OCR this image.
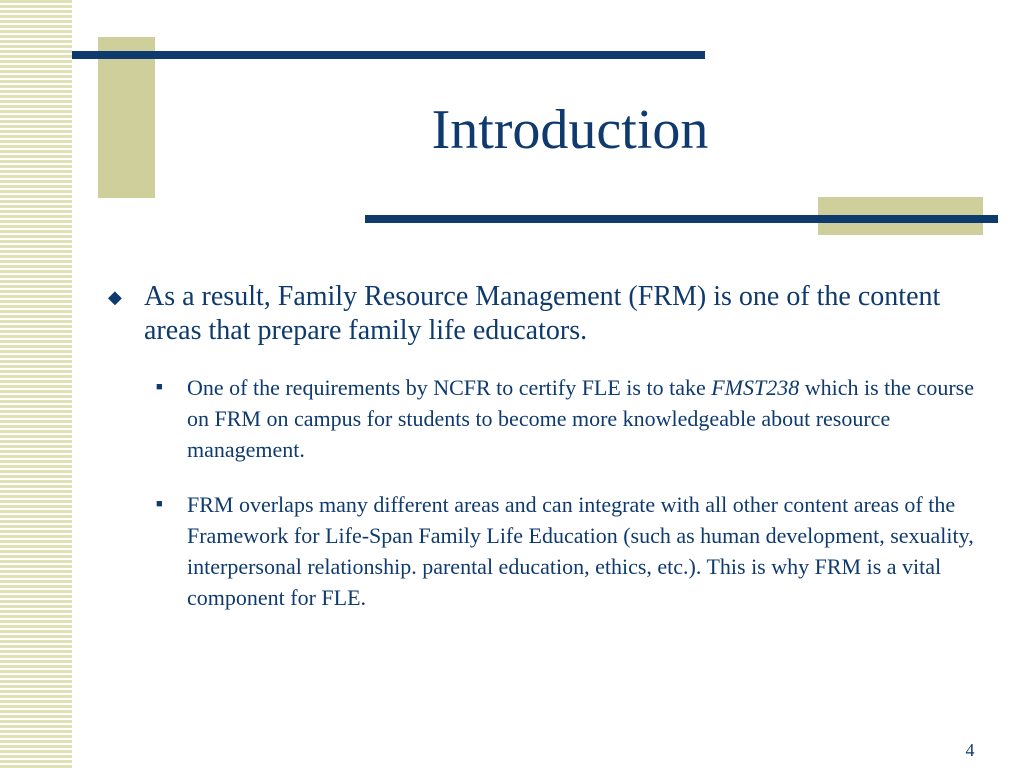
Introduction
◆ As a result, Family Resource Management (FRM) is one of the content areas that prepare family life educators.
■ One of the requirements by NCFR to certify FLE is to take FMST238 which is the course on FRM on campus for students to become more knowledgeable about resource management.
■ FRM overlaps many different areas and can integrate with all other content areas of the Framework for Life-Span Family Life Education (such as human development, sexuality, interpersonal relationship. parental education, ethics, etc.). This is why FRM is a vital component for FLE.
4
